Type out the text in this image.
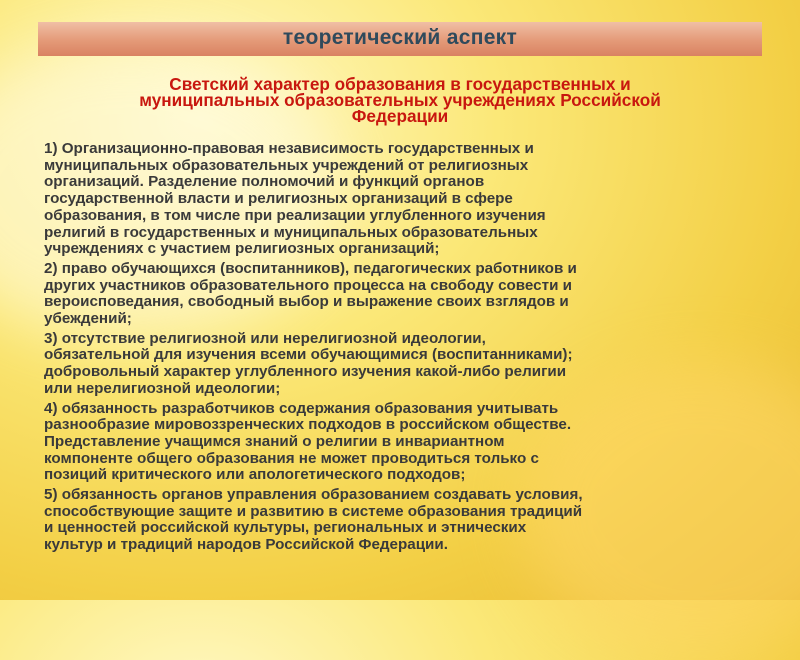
теоретический аспект
Светский характер образования в государственных и
муниципальных образовательных учреждениях Российской
Федерации
1) Организационно-правовая независимость государственных и
муниципальных образовательных учреждений от религиозных
организаций. Разделение полномочий и функций органов
государственной власти и религиозных организаций в сфере
образования, в том числе при реализации углубленного изучения
религий в государственных и муниципальных образовательных
учреждениях с участием религиозных организаций;
2) право обучающихся (воспитанников), педагогических работников и
других участников образовательного процесса на свободу совести и
вероисповедания, свободный выбор и выражение своих взглядов и
убеждений;
3) отсутствие религиозной или нерелигиозной идеологии,
обязательной для изучения всеми обучающимися (воспитанниками);
добровольный характер углубленного изучения какой-либо религии
или нерелигиозной идеологии;
4) обязанность разработчиков содержания образования учитывать
разнообразие мировоззренческих подходов в российском обществе.
Представление учащимся знаний о религии в инвариантном
компоненте общего образования не может проводиться только с
позиций критического или апологетического подходов;
5) обязанность органов управления образованием создавать условия,
способствующие защите и развитию в системе образования традиций
и ценностей российской культуры, региональных и этнических
культур и традиций народов Российской Федерации.
